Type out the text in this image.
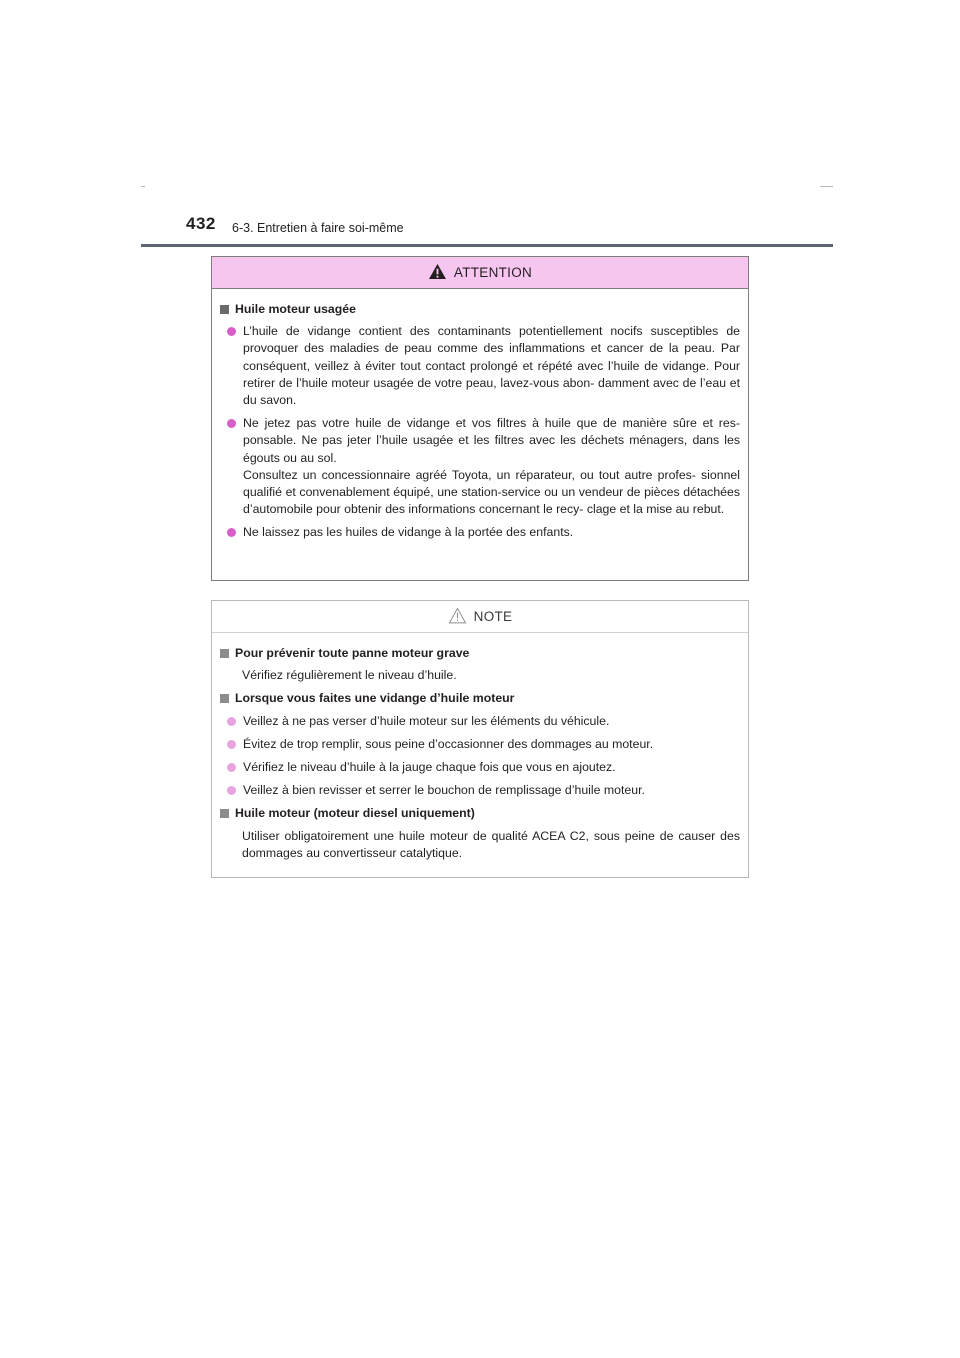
432 6-3. Entretien à faire soi-même
ATTENTION
Huile moteur usagée

L’huile de vidange contient des contaminants potentiellement nocifs susceptibles de provoquer des maladies de peau comme des inflammations et cancer de la peau. Par conséquent, veillez à éviter tout contact prolongé et répété avec l’huile de vidange. Pour retirer de l’huile moteur usagée de votre peau, lavez-vous abon- damment avec de l’eau et du savon.

Ne jetez pas votre huile de vidange et vos filtres à huile que de manière sûre et res- ponsable. Ne pas jeter l’huile usagée et les filtres avec les déchets ménagers, dans les égouts ou au sol.

Consultez un concessionnaire agréé Toyota, un réparateur, ou tout autre profes- sionnel qualifié et convenablement équipé, une station-service ou un vendeur de pièces détachées d’automobile pour obtenir des informations concernant le recy- clage et la mise au rebut.

Ne laissez pas les huiles de vidange à la portée des enfants.

NOTE
Pour prévenir toute panne moteur grave
Vérifiez régulièrement le niveau d’huile.
Lorsque vous faites une vidange d’huile moteur

Veillez à ne pas verser d’huile moteur sur les éléments du véhicule.

Évitez de trop remplir, sous peine d’occasionner des dommages au moteur.

Vérifiez le niveau d’huile à la jauge chaque fois que vous en ajoutez.

Veillez à bien revisser et serrer le bouchon de remplissage d’huile moteur.

Huile moteur (moteur diesel uniquement)
Utiliser obligatoirement une huile moteur de qualité ACEA C2, sous peine de causer des dommages au convertisseur catalytique.
